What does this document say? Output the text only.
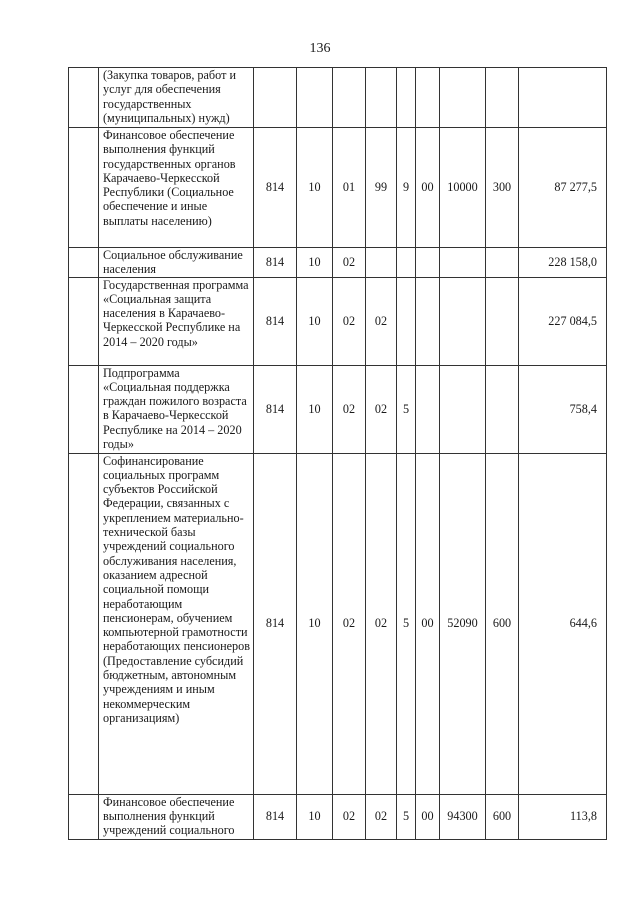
136
	(Закупка товаров, работ и услуг для обеспечения государственных (муниципальных) нужд)									
	Финансовое обеспечение выполнения функций государственных органов Карачаево-Черкесской Республики (Социальное обеспечение и иные выплаты населению)	814	10	01	99	9	00	10000	300	87 277,5
	Социальное обслуживание населения	814	10	02						228 158,0
	Государственная программа «Социальная защита населения в Карачаево-Черкесской Республике на 2014 – 2020 годы»	814	10	02	02					227 084,5
	Подпрограмма «Социальная поддержка граждан пожилого возраста в Карачаево-Черкесской Республике на 2014 – 2020 годы»	814	10	02	02	5				758,4
	Софинансирование социальных программ субъектов Российской Федерации, связанных с укреплением материально-технической базы учреждений социального обслуживания населения, оказанием адресной социальной помощи неработающим пенсионерам, обучением компьютерной грамотности неработающих пенсионеров (Предоставление субсидий бюджетным, автономным учреждениям и иным некоммерческим организациям)	814	10	02	02	5	00	52090	600	644,6
	Финансовое обеспечение выполнения функций учреждений социального	814	10	02	02	5	00	94300	600	113,8
